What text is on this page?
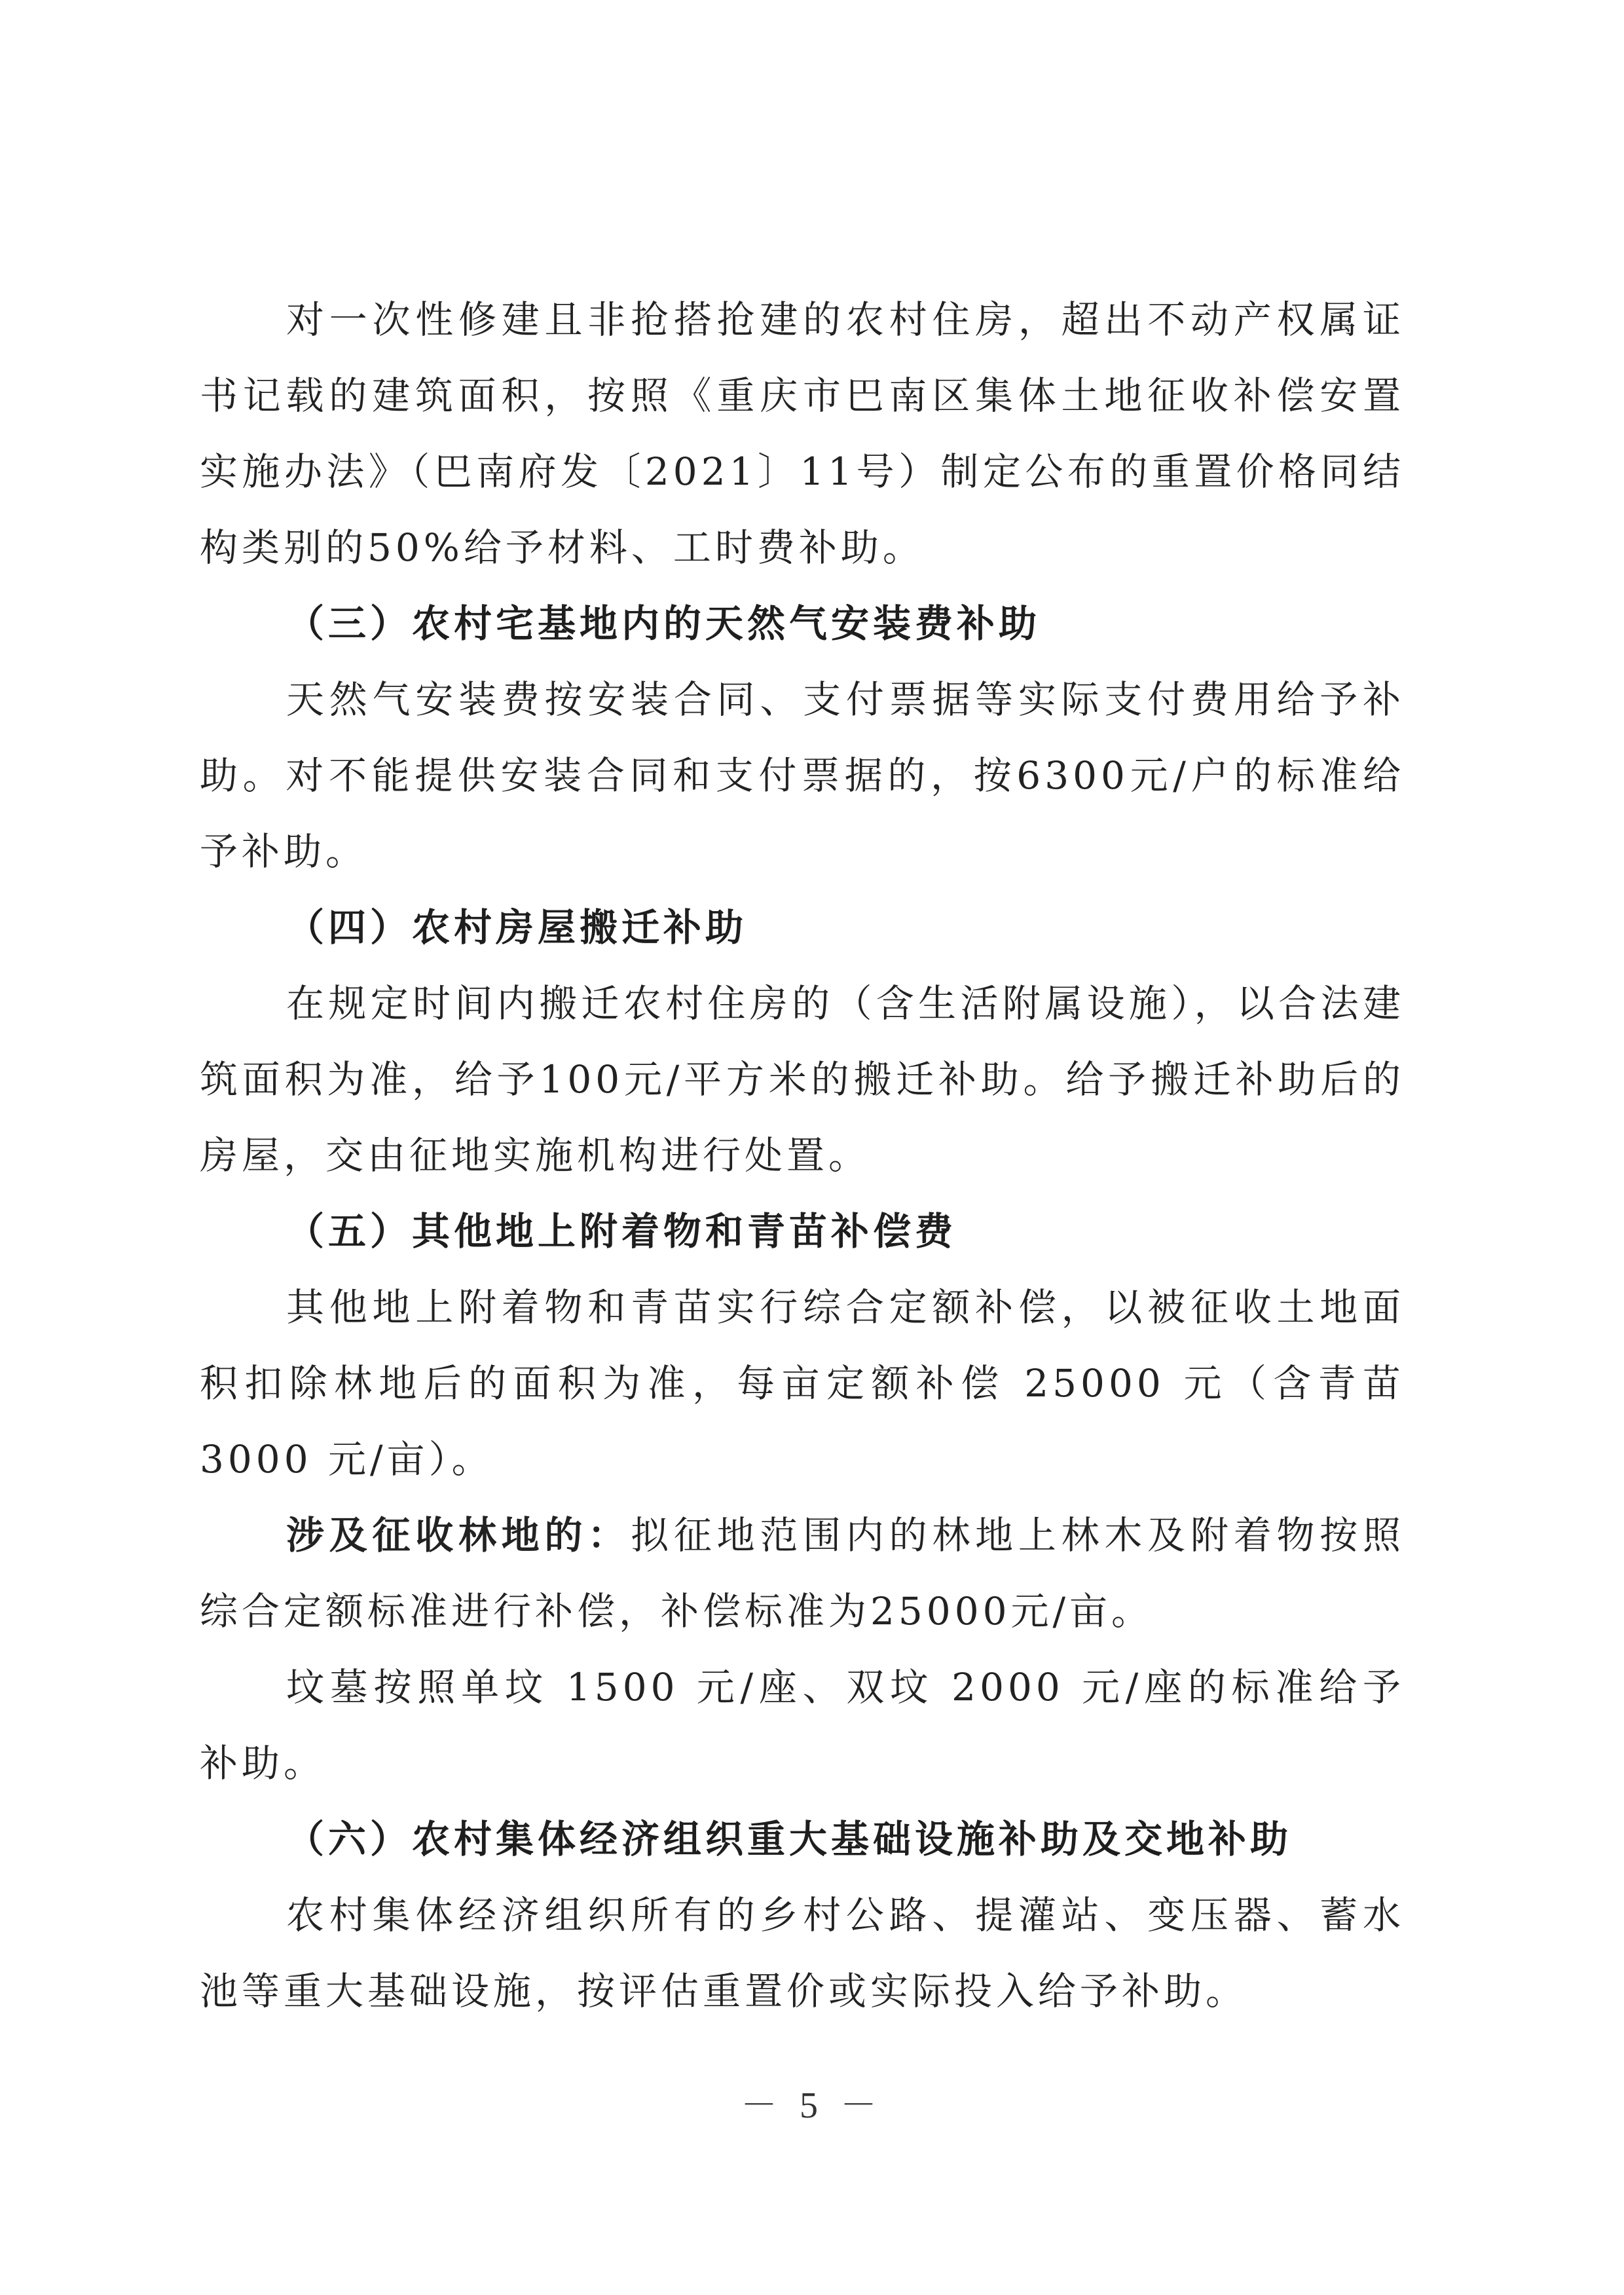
对一次性修建且非抢搭抢建的农村住房，超出不动产权属证书记载的建筑面积，按照《重庆市巴南区集体土地征收补偿安置实施办法》（巴南府发〔2021〕11号）制定公布的重置价格同结构类别的50%给予材料、工时费补助。

（三）农村宅基地内的天然气安装费补助

天然气安装费按安装合同、支付票据等实际支付费用给予补助。对不能提供安装合同和支付票据的，按6300元/户的标准给予补助。

（四）农村房屋搬迁补助

在规定时间内搬迁农村住房的（含生活附属设施），以合法建筑面积为准，给予100元/平方米的搬迁补助。给予搬迁补助后的房屋，交由征地实施机构进行处置。

（五）其他地上附着物和青苗补偿费

其他地上附着物和青苗实行综合定额补偿，以被征收土地面积扣除林地后的面积为准，每亩定额补偿 25000 元（含青苗3000 元/亩）。

涉及征收林地的：拟征地范围内的林地上林木及附着物按照综合定额标准进行补偿，补偿标准为25000元/亩。

坟墓按照单坟 1500 元/座、双坟 2000 元/座的标准给予补助。

（六）农村集体经济组织重大基础设施补助及交地补助

农村集体经济组织所有的乡村公路、提灌站、变压器、蓄水池等重大基础设施，按评估重置价或实际投入给予补助。

－ 5 －
